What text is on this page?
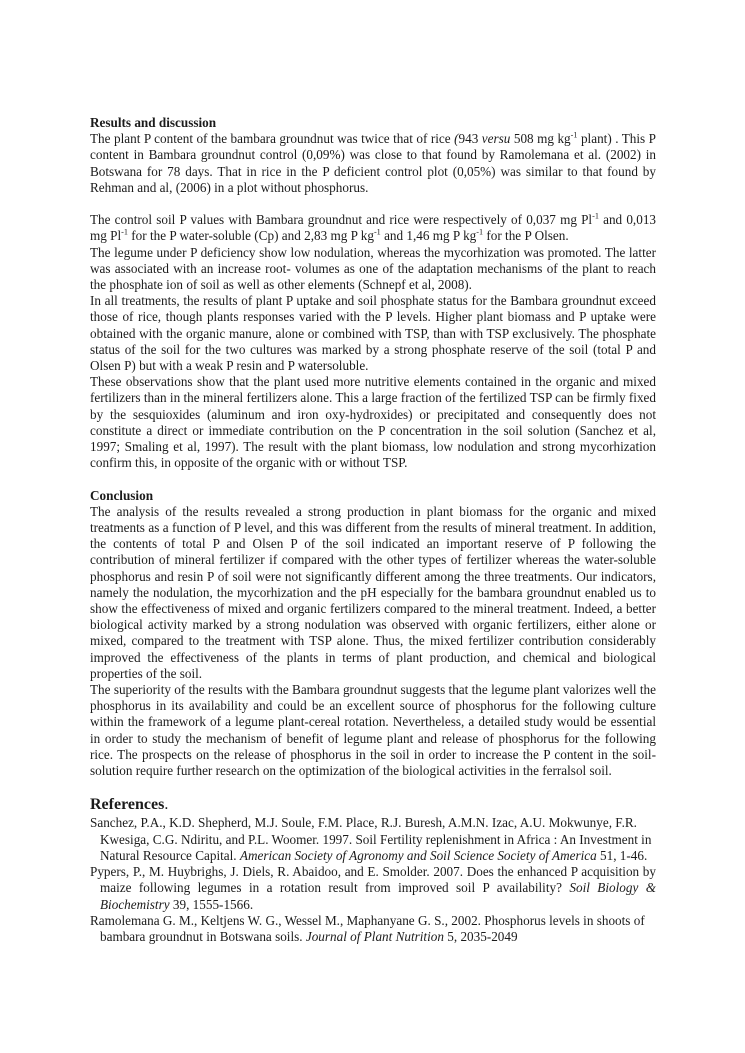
Results and discussion
The plant P content of the bambara groundnut was twice that of rice (943 versu 508 mg $kg^{-1}$ plant) . This P content in Bambara groundnut control (0,09%) was close to that found by Ramolemana et al. (2002) in Botswana for 78 days. That in rice in the P deficient control plot (0,05%) was similar to that found by Rehman and al, (2006) in a plot without phosphorus.
The control soil P values with Bambara groundnut and rice were respectively of 0,037 mg $Pl^{-1}$ and 0,013 mg $Pl^{-1}$ for the P water-soluble (Cp) and 2,83 mg P $kg^{-1}$ and 1,46 mg P $kg^{-1}$ for the P Olsen.
The legume under P deficiency show low nodulation, whereas the mycorhization was promoted. The latter was associated with an increase root- volumes as one of the adaptation mechanisms of the plant to reach the phosphate ion of soil as well as other elements (Schnepf et al, 2008).
In all treatments, the results of plant P uptake and soil phosphate status for the Bambara groundnut exceed those of rice, though plants responses varied with the P levels. Higher plant biomass and P uptake were obtained with the organic manure, alone or combined with TSP, than with TSP exclusively. The phosphate status of the soil for the two cultures was marked by a strong phosphate reserve of the soil (total P and Olsen P) but with a weak P resin and P watersoluble.
These observations show that the plant used more nutritive elements contained in the organic and mixed fertilizers than in the mineral fertilizers alone. This a large fraction of the fertilized TSP can be firmly fixed by the sesquioxides (aluminum and iron oxy-hydroxides) or precipitated and consequently does not constitute a direct or immediate contribution on the P concentration in the soil solution (Sanchez et al, 1997; Smaling et al, 1997). The result with the plant biomass, low nodulation and strong mycorhization confirm this, in opposite of the organic with or without TSP.
Conclusion
The analysis of the results revealed a strong production in plant biomass for the organic and mixed treatments as a function of P level, and this was different from the results of mineral treatment. In addition, the contents of total P and Olsen P of the soil indicated an important reserve of P following the contribution of mineral fertilizer if compared with the other types of fertilizer whereas the water-soluble phosphorus and resin P of soil were not significantly different among the three treatments. Our indicators, namely the nodulation, the mycorhization and the pH especially for the bambara groundnut enabled us to show the effectiveness of mixed and organic fertilizers compared to the mineral treatment. Indeed, a better biological activity marked by a strong nodulation was observed with organic fertilizers, either alone or mixed, compared to the treatment with TSP alone. Thus, the mixed fertilizer contribution considerably improved the effectiveness of the plants in terms of plant production, and chemical and biological properties of the soil.
The superiority of the results with the Bambara groundnut suggests that the legume plant valorizes well the phosphorus in its availability and could be an excellent source of phosphorus for the following culture within the framework of a legume plant-cereal rotation. Nevertheless, a detailed study would be essential in order to study the mechanism of benefit of legume plant and release of phosphorus for the following rice. The prospects on the release of phosphorus in the soil in order to increase the P content in the soil-solution require further research on the optimization of the biological activities in the ferralsol soil.
References.
Sanchez, P.A., K.D. Shepherd, M.J. Soule, F.M. Place, R.J. Buresh, A.M.N. Izac, A.U. Mokwunye, F.R. Kwesiga, C.G. Ndiritu, and P.L. Woomer. 1997. Soil Fertility replenishment in Africa : An Investment in Natural Resource Capital. American Society of Agronomy and Soil Science Society of America 51, 1-46.
Pypers, P., M. Huybrighs, J. Diels, R. Abaidoo, and E. Smolder. 2007. Does the enhanced P acquisition by maize following legumes in a rotation result from improved soil P availability? Soil Biology & Biochemistry 39, 1555-1566.
Ramolemana G. M., Keltjens W. G., Wessel M., Maphanyane G. S., 2002. Phosphorus levels in shoots of bambara groundnut in Botswana soils. Journal of Plant Nutrition 5, 2035-2049
